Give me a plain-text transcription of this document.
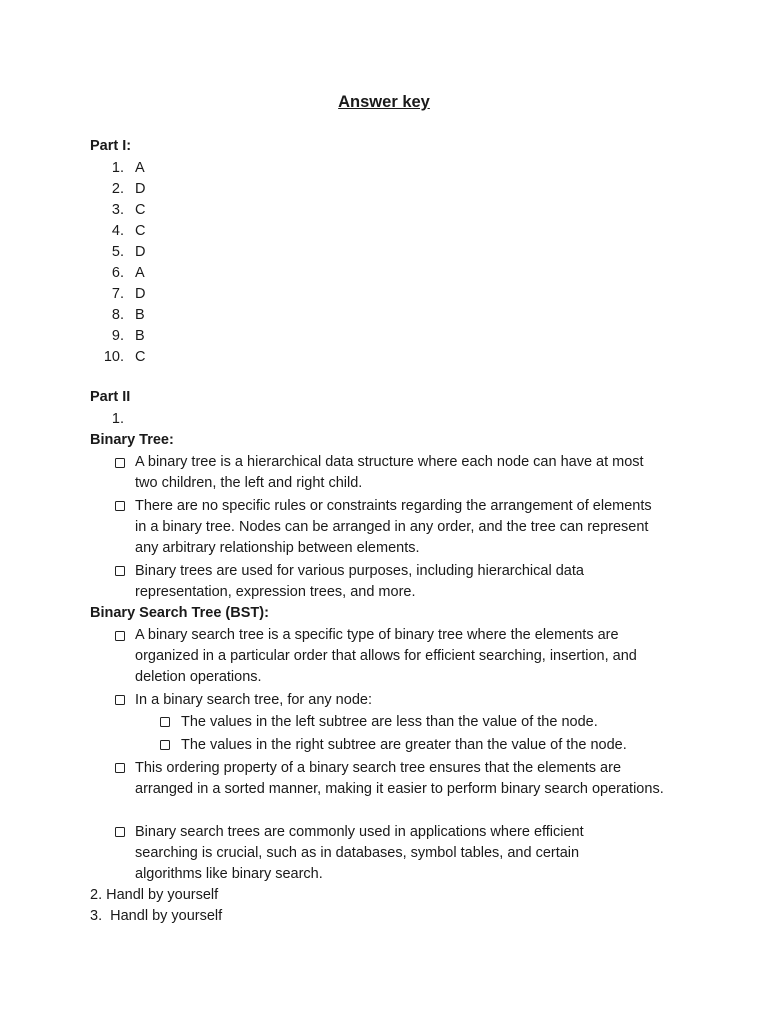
Answer key
Part I:
1. A
2. D
3. C
4. C
5. D
6. A
7. D
8. B
9. B
10. C
Part II
1.
Binary Tree:
A binary tree is a hierarchical data structure where each node can have at most two children, the left and right child.
There are no specific rules or constraints regarding the arrangement of elements in a binary tree. Nodes can be arranged in any order, and the tree can represent any arbitrary relationship between elements.
Binary trees are used for various purposes, including hierarchical data representation, expression trees, and more.
Binary Search Tree (BST):
A binary search tree is a specific type of binary tree where the elements are organized in a particular order that allows for efficient searching, insertion, and deletion operations.
In a binary search tree, for any node:
The values in the left subtree are less than the value of the node.
The values in the right subtree are greater than the value of the node.
This ordering property of a binary search tree ensures that the elements are arranged in a sorted manner, making it easier to perform binary search operations.
Binary search trees are commonly used in applications where efficient searching is crucial, such as in databases, symbol tables, and certain algorithms like binary search.
2. Handl by yourself
3.  Handl by yourself
